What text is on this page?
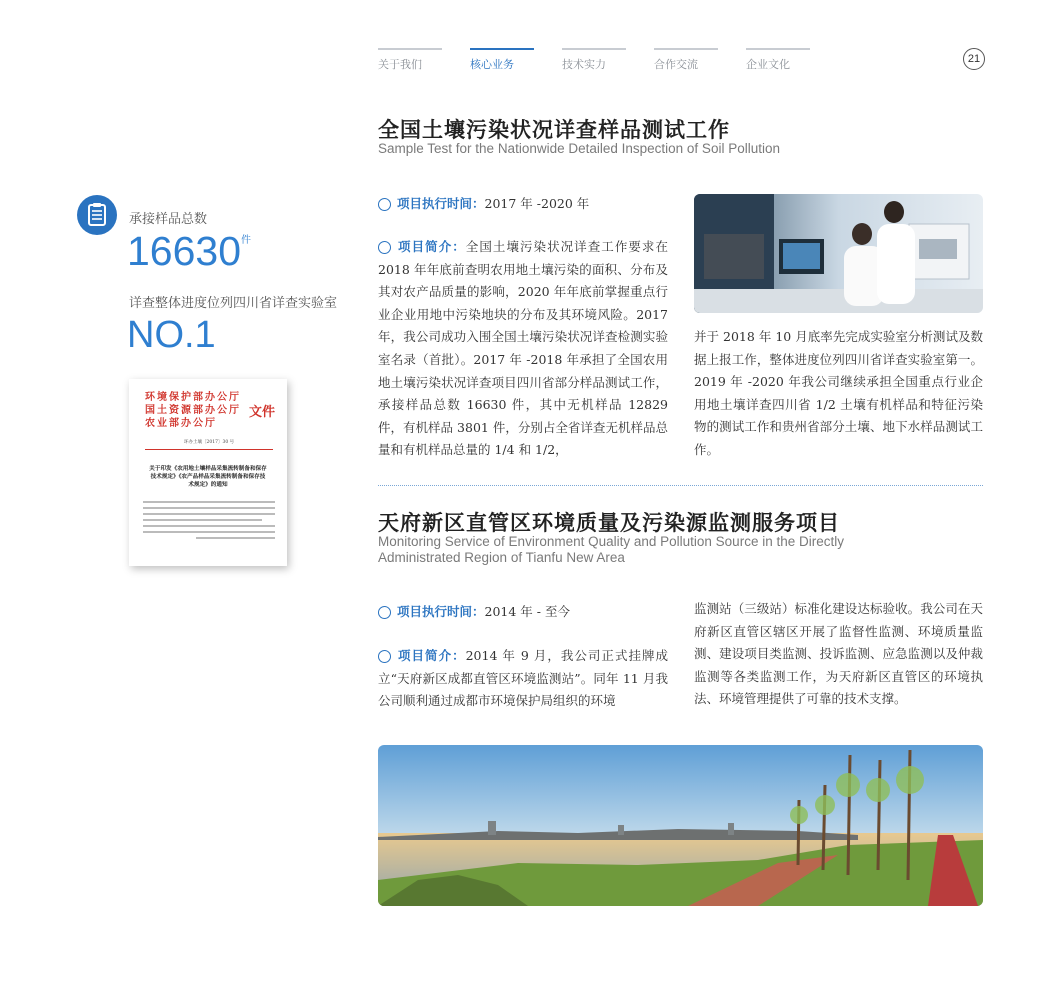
关于我们	核心业务	技术实力	合作交流	企业文化	21
承接样品总数
$16630^件$
详查整体进度位列四川省详查实验室
NO.1
环境保护部办公厅
国土资源部办公厅
农业部办公厅
文件
环办土壤〔2017〕30 号
关于印发《农用地土壤样品采集流转制备和保存技术规定》《农产品样品采集流转制备和保存技术规定》的通知
全国土壤污染状况详查样品测试工作
Sample Test for the Nationwide Detailed Inspection of Soil Pollution
项目执行时间：2017 年 -2020 年
项目简介：全国土壤污染状况详查工作要求在2018 年年底前查明农用地土壤污染的面积、分布及其对农产品质量的影响，2020 年年底前掌握重点行业企业用地中污染地块的分布及其环境风险。2017 年，我公司成功入围全国土壤污染状况详查检测实验室名录（首批）。2017 年 -2018 年承担了全国农用地土壤污染状况详查项目四川省部分样品测试工作，承接样品总数 16630 件，其中无机样品 12829 件，有机样品 3801 件，分别占全省详查无机样品总量和有机样品总量的 1/4 和 1/2，
并于 2018 年 10 月底率先完成实验室分析测试及数据上报工作，整体进度位列四川省详查实验室第一。2019 年 -2020 年我公司继续承担全国重点行业企用地土壤详查四川省 1/2 土壤有机样品和特征污染物的测试工作和贵州省部分土壤、地下水样品测试工作。
天府新区直管区环境质量及污染源监测服务项目
Monitoring Service of Environment Quality and Pollution Source in the Directly
Administrated Region of Tianfu New Area
项目执行时间：2014 年 - 至今
项目简介：2014 年 9 月，我公司正式挂牌成立“天府新区成都直管区环境监测站”。同年 11 月我公司顺利通过成都市环境保护局组织的环境
监测站（三级站）标准化建设达标验收。我公司在天府新区直管区辖区开展了监督性监测、环境质量监测、建设项目类监测、投诉监测、应急监测以及仲裁监测等各类监测工作，为天府新区直管区的环境执法、环境管理提供了可靠的技术支撑。
